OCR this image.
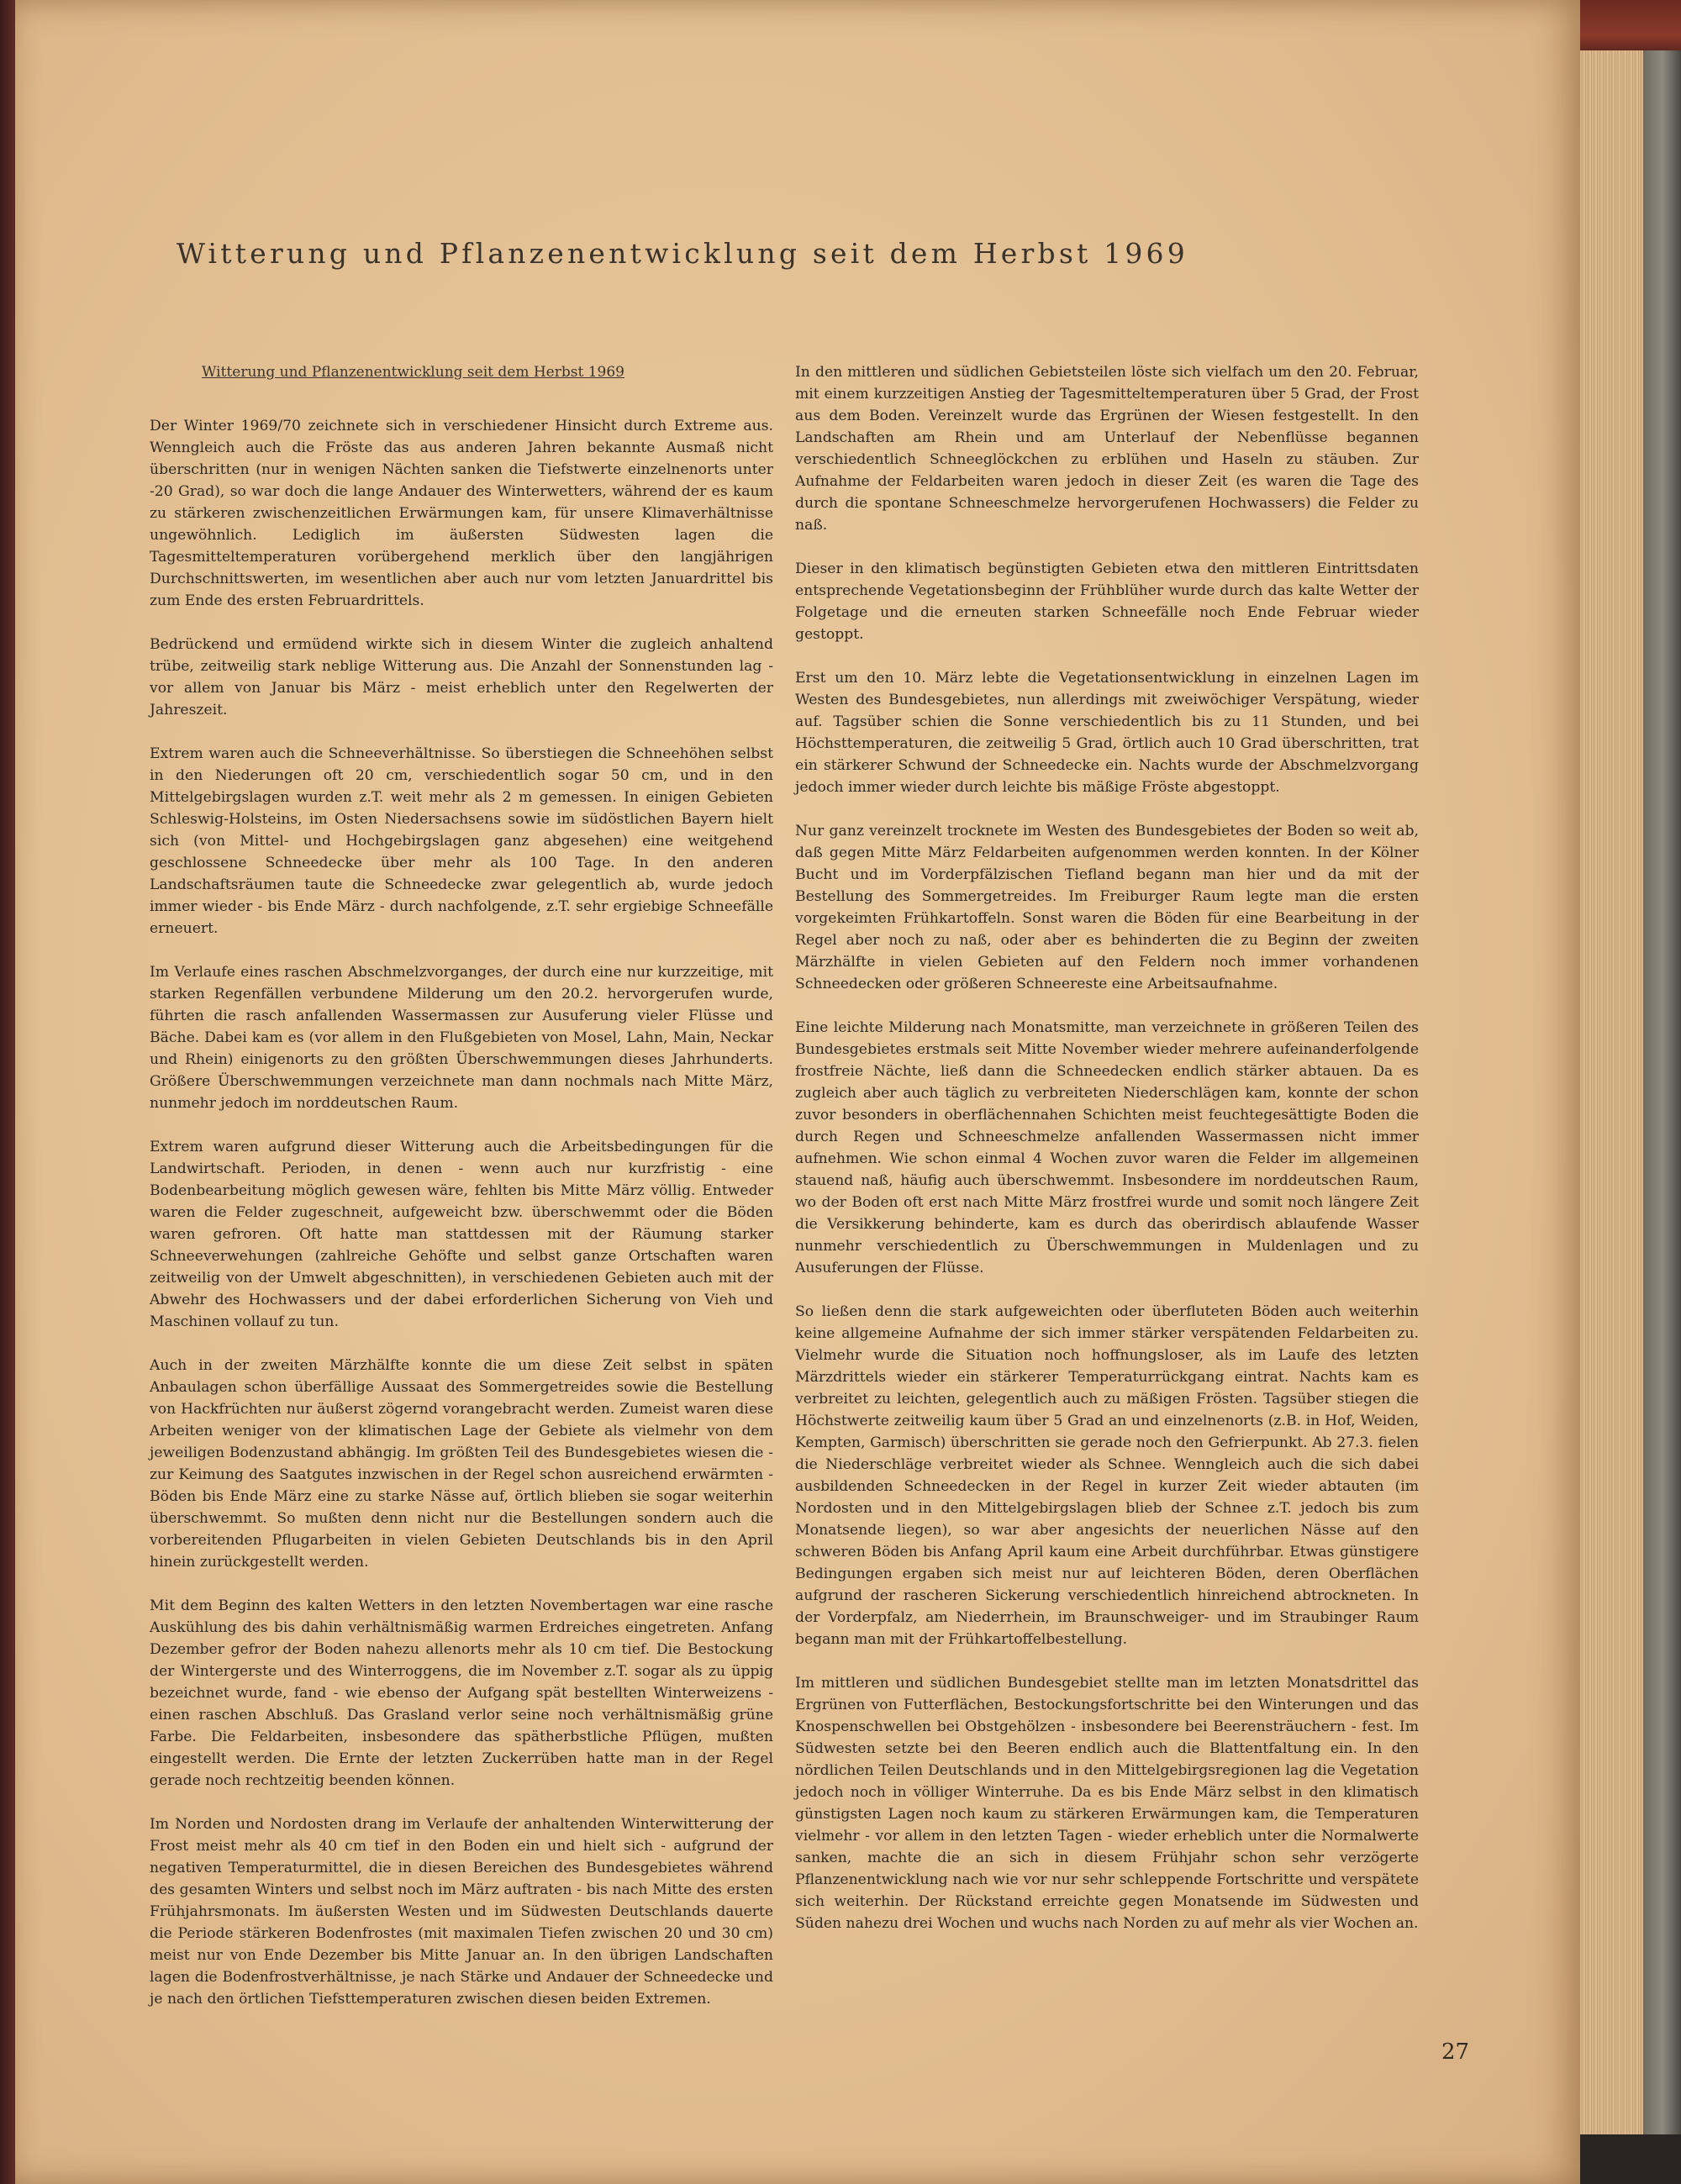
Witterung und Pflanzenentwicklung seit dem Herbst 1969
Witterung und Pflanzenentwicklung seit dem Herbst 1969

Der Winter 1969/70 zeichnete sich in verschiedener Hinsicht durch Extreme aus. Wenngleich auch die Fröste das aus anderen Jahren bekannte Ausmaß nicht überschritten (nur in wenigen Nächten sanken die Tiefstwerte einzelnenorts unter -20 Grad), so war doch die lange Andauer des Winterwetters, während der es kaum zu stärkeren zwischenzeitlichen Erwärmungen kam, für unsere Klimaverhältnisse ungewöhnlich. Lediglich im äußersten Südwesten lagen die Tagesmitteltemperaturen vorübergehend merklich über den langjährigen Durchschnittswerten, im wesentlichen aber auch nur vom letzten Januardrittel bis zum Ende des ersten Februardrittels.

Bedrückend und ermüdend wirkte sich in diesem Winter die zugleich anhaltend trübe, zeitweilig stark neblige Witterung aus. Die Anzahl der Sonnenstunden lag - vor allem von Januar bis März - meist erheblich unter den Regelwerten der Jahreszeit.

Extrem waren auch die Schneeverhältnisse. So überstiegen die Schneehöhen selbst in den Niederungen oft 20 cm, verschiedentlich sogar 50 cm, und in den Mittelgebirgslagen wurden z.T. weit mehr als 2 m gemessen. In einigen Gebieten Schleswig-Holsteins, im Osten Niedersachsens sowie im südöstlichen Bayern hielt sich (von Mittel- und Hochgebirgslagen ganz abgesehen) eine weitgehend geschlossene Schneedecke über mehr als 100 Tage. In den anderen Landschaftsräumen taute die Schneedecke zwar gelegentlich ab, wurde jedoch immer wieder - bis Ende März - durch nachfolgende, z.T. sehr ergiebige Schneefälle erneuert.

Im Verlaufe eines raschen Abschmelzvorganges, der durch eine nur kurzzeitige, mit starken Regenfällen verbundene Milderung um den 20.2. hervorgerufen wurde, führten die rasch anfallenden Wassermassen zur Ausuferung vieler Flüsse und Bäche. Dabei kam es (vor allem in den Flußgebieten von Mosel, Lahn, Main, Neckar und Rhein) einigenorts zu den größten Überschwemmungen dieses Jahrhunderts. Größere Überschwemmungen verzeichnete man dann nochmals nach Mitte März, nunmehr jedoch im norddeutschen Raum.

Extrem waren aufgrund dieser Witterung auch die Arbeitsbedingungen für die Landwirtschaft. Perioden, in denen - wenn auch nur kurzfristig - eine Bodenbearbeitung möglich gewesen wäre, fehlten bis Mitte März völlig. Entweder waren die Felder zugeschneit, aufgeweicht bzw. überschwemmt oder die Böden waren gefroren. Oft hatte man stattdessen mit der Räumung starker Schneeverwehungen (zahlreiche Gehöfte und selbst ganze Ortschaften waren zeitweilig von der Umwelt abgeschnitten), in verschiedenen Gebieten auch mit der Abwehr des Hochwassers und der dabei erforderlichen Sicherung von Vieh und Maschinen vollauf zu tun.

Auch in der zweiten Märzhälfte konnte die um diese Zeit selbst in späten Anbaulagen schon überfällige Aussaat des Sommergetreides sowie die Bestellung von Hackfrüchten nur äußerst zögernd vorangebracht werden. Zumeist waren diese Arbeiten weniger von der klimatischen Lage der Gebiete als vielmehr von dem jeweiligen Bodenzustand abhängig. Im größten Teil des Bundesgebietes wiesen die - zur Keimung des Saatgutes inzwischen in der Regel schon ausreichend erwärmten - Böden bis Ende März eine zu starke Nässe auf, örtlich blieben sie sogar weiterhin überschwemmt. So mußten denn nicht nur die Bestellungen sondern auch die vorbereitenden Pflugarbeiten in vielen Gebieten Deutschlands bis in den April hinein zurückgestellt werden.

Mit dem Beginn des kalten Wetters in den letzten Novembertagen war eine rasche Auskühlung des bis dahin verhältnismäßig warmen Erdreiches eingetreten. Anfang Dezember gefror der Boden nahezu allenorts mehr als 10 cm tief. Die Bestockung der Wintergerste und des Winterroggens, die im November z.T. sogar als zu üppig bezeichnet wurde, fand - wie ebenso der Aufgang spät bestellten Winterweizens - einen raschen Abschluß. Das Grasland verlor seine noch verhältnismäßig grüne Farbe. Die Feldarbeiten, insbesondere das spätherbstliche Pflügen, mußten eingestellt werden. Die Ernte der letzten Zuckerrüben hatte man in der Regel gerade noch rechtzeitig beenden können.

Im Norden und Nordosten drang im Verlaufe der anhaltenden Winterwitterung der Frost meist mehr als 40 cm tief in den Boden ein und hielt sich - aufgrund der negativen Temperaturmittel, die in diesen Bereichen des Bundesgebietes während des gesamten Winters und selbst noch im März auftraten - bis nach Mitte des ersten Frühjahrsmonats. Im äußersten Westen und im Südwesten Deutschlands dauerte die Periode stärkeren Bodenfrostes (mit maximalen Tiefen zwischen 20 und 30 cm) meist nur von Ende Dezember bis Mitte Januar an. In den übrigen Landschaften lagen die Bodenfrostverhältnisse, je nach Stärke und Andauer der Schneedecke und je nach den örtlichen Tiefsttemperaturen zwischen diesen beiden Extremen.

In den mittleren und südlichen Gebietsteilen löste sich vielfach um den 20. Februar, mit einem kurzzeitigen Anstieg der Tagesmitteltemperaturen über 5 Grad, der Frost aus dem Boden. Vereinzelt wurde das Ergrünen der Wiesen festgestellt. In den Landschaften am Rhein und am Unterlauf der Nebenflüsse begannen verschiedentlich Schneeglöckchen zu erblühen und Haseln zu stäuben. Zur Aufnahme der Feldarbeiten waren jedoch in dieser Zeit (es waren die Tage des durch die spontane Schneeschmelze hervorgerufenen Hochwassers) die Felder zu naß.

Dieser in den klimatisch begünstigten Gebieten etwa den mittleren Eintrittsdaten entsprechende Vegetationsbeginn der Frühblüher wurde durch das kalte Wetter der Folgetage und die erneuten starken Schneefälle noch Ende Februar wieder gestoppt.

Erst um den 10. März lebte die Vegetationsentwicklung in einzelnen Lagen im Westen des Bundesgebietes, nun allerdings mit zweiwöchiger Verspätung, wieder auf. Tagsüber schien die Sonne verschiedentlich bis zu 11 Stunden, und bei Höchsttemperaturen, die zeitweilig 5 Grad, örtlich auch 10 Grad überschritten, trat ein stärkerer Schwund der Schneedecke ein. Nachts wurde der Abschmelzvorgang jedoch immer wieder durch leichte bis mäßige Fröste abgestoppt.

Nur ganz vereinzelt trocknete im Westen des Bundesgebietes der Boden so weit ab, daß gegen Mitte März Feldarbeiten aufgenommen werden konnten. In der Kölner Bucht und im Vorderpfälzischen Tiefland begann man hier und da mit der Bestellung des Sommergetreides. Im Freiburger Raum legte man die ersten vorgekeimten Frühkartoffeln. Sonst waren die Böden für eine Bearbeitung in der Regel aber noch zu naß, oder aber es behinderten die zu Beginn der zweiten Märzhälfte in vielen Gebieten auf den Feldern noch immer vorhandenen Schneedecken oder größeren Schneereste eine Arbeitsaufnahme.

Eine leichte Milderung nach Monatsmitte, man verzeichnete in größeren Teilen des Bundesgebietes erstmals seit Mitte November wieder mehrere aufeinanderfolgende frostfreie Nächte, ließ dann die Schneedecken endlich stärker abtauen. Da es zugleich aber auch täglich zu verbreiteten Niederschlägen kam, konnte der schon zuvor besonders in oberflächennahen Schichten meist feuchtegesättigte Boden die durch Regen und Schneeschmelze anfallenden Wassermassen nicht immer aufnehmen. Wie schon einmal 4 Wochen zuvor waren die Felder im allgemeinen stauend naß, häufig auch überschwemmt. Insbesondere im norddeutschen Raum, wo der Boden oft erst nach Mitte März frostfrei wurde und somit noch längere Zeit die Versikkerung behinderte, kam es durch das oberirdisch ablaufende Wasser nunmehr verschiedentlich zu Überschwemmungen in Muldenlagen und zu Ausuferungen der Flüsse.

So ließen denn die stark aufgeweichten oder überfluteten Böden auch weiterhin keine allgemeine Aufnahme der sich immer stärker verspätenden Feldarbeiten zu. Vielmehr wurde die Situation noch hoffnungsloser, als im Laufe des letzten Märzdrittels wieder ein stärkerer Temperaturrückgang eintrat. Nachts kam es verbreitet zu leichten, gelegentlich auch zu mäßigen Frösten. Tagsüber stiegen die Höchstwerte zeitweilig kaum über 5 Grad an und einzelnenorts (z.B. in Hof, Weiden, Kempten, Garmisch) überschritten sie gerade noch den Gefrierpunkt. Ab 27.3. fielen die Niederschläge verbreitet wieder als Schnee. Wenngleich auch die sich dabei ausbildenden Schneedecken in der Regel in kurzer Zeit wieder abtauten (im Nordosten und in den Mittelgebirgslagen blieb der Schnee z.T. jedoch bis zum Monatsende liegen), so war aber angesichts der neuerlichen Nässe auf den schweren Böden bis Anfang April kaum eine Arbeit durchführbar. Etwas günstigere Bedingungen ergaben sich meist nur auf leichteren Böden, deren Oberflächen aufgrund der rascheren Sickerung verschiedentlich hinreichend abtrockneten. In der Vorderpfalz, am Niederrhein, im Braunschweiger- und im Straubinger Raum begann man mit der Frühkartoffelbestellung.

Im mittleren und südlichen Bundesgebiet stellte man im letzten Monatsdrittel das Ergrünen von Futterflächen, Bestockungsfortschritte bei den Winterungen und das Knospenschwellen bei Obstgehölzen - insbesondere bei Beerensträuchern - fest. Im Südwesten setzte bei den Beeren endlich auch die Blattentfaltung ein. In den nördlichen Teilen Deutschlands und in den Mittelgebirgsregionen lag die Vegetation jedoch noch in völliger Winterruhe. Da es bis Ende März selbst in den klimatisch günstigsten Lagen noch kaum zu stärkeren Erwärmungen kam, die Temperaturen vielmehr - vor allem in den letzten Tagen - wieder erheblich unter die Normalwerte sanken, machte die an sich in diesem Frühjahr schon sehr verzögerte Pflanzenentwicklung nach wie vor nur sehr schleppende Fortschritte und verspätete sich weiterhin. Der Rückstand erreichte gegen Monatsende im Südwesten und Süden nahezu drei Wochen und wuchs nach Norden zu auf mehr als vier Wochen an.

27
